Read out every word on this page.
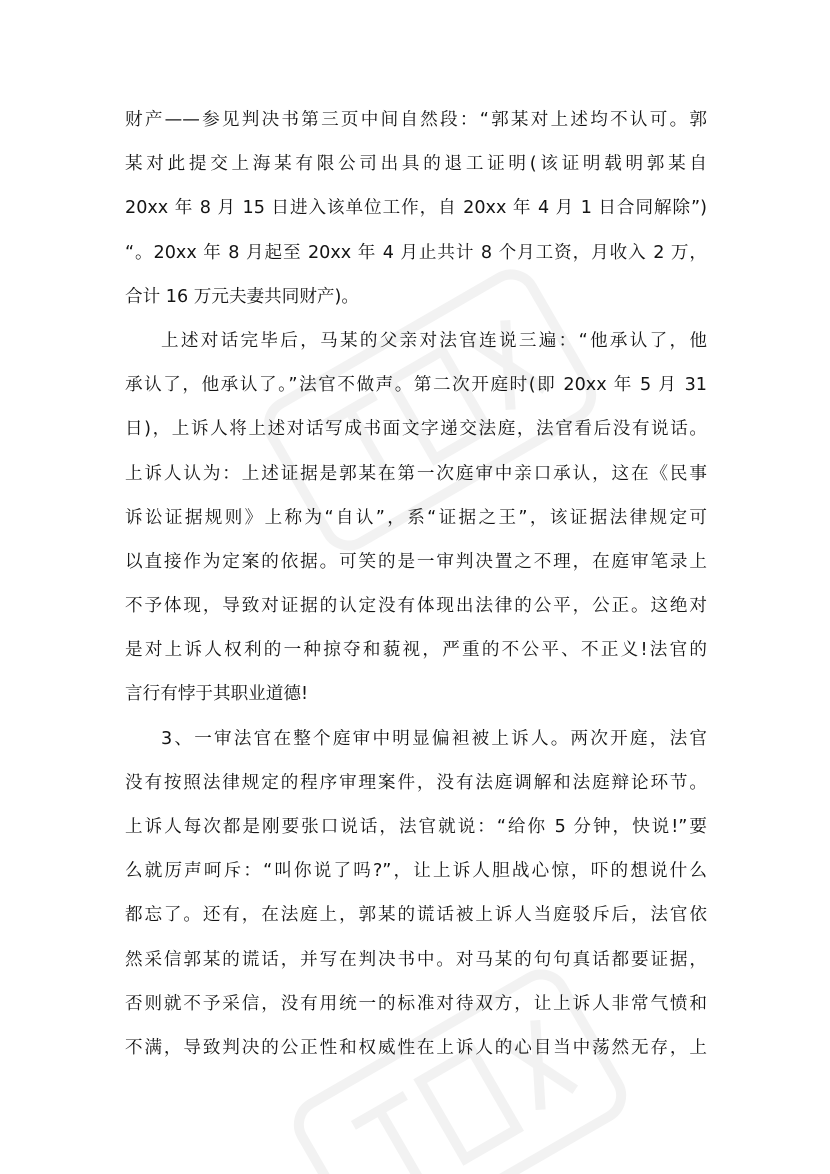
财产——参见判决书第三页中间自然段：“郭某对上述均不认可。郭
某对此提交上海某有限公司出具的退工证明(该证明载明郭某自
20xx 年 8 月 15 日进入该单位工作，自 20xx 年 4 月 1 日合同解除”)
“。20xx 年 8 月起至 20xx 年 4 月止共计 8 个月工资，月收入 2 万，
合计 16 万元夫妻共同财产)。
上述对话完毕后，马某的父亲对法官连说三遍：“他承认了，他
承认了，他承认了。”法官不做声。第二次开庭时(即 20xx 年 5 月 31
日)，上诉人将上述对话写成书面文字递交法庭，法官看后没有说话。
上诉人认为：上述证据是郭某在第一次庭审中亲口承认，这在《民事
诉讼证据规则》上称为“自认”，系“证据之王”，该证据法律规定可
以直接作为定案的依据。可笑的是一审判决置之不理，在庭审笔录上
不予体现，导致对证据的认定没有体现出法律的公平，公正。这绝对
是对上诉人权利的一种掠夺和藐视，严重的不公平、不正义!法官的
言行有悖于其职业道德!
3、一审法官在整个庭审中明显偏袒被上诉人。两次开庭，法官
没有按照法律规定的程序审理案件，没有法庭调解和法庭辩论环节。
上诉人每次都是刚要张口说话，法官就说：“给你 5 分钟，快说!”要
么就厉声呵斥：“叫你说了吗?”，让上诉人胆战心惊，吓的想说什么
都忘了。还有，在法庭上，郭某的谎话被上诉人当庭驳斥后，法官依
然采信郭某的谎话，并写在判决书中。对马某的句句真话都要证据，
否则就不予采信，没有用统一的标准对待双方，让上诉人非常气愤和
不满，导致判决的公正性和权威性在上诉人的心目当中荡然无存，上
